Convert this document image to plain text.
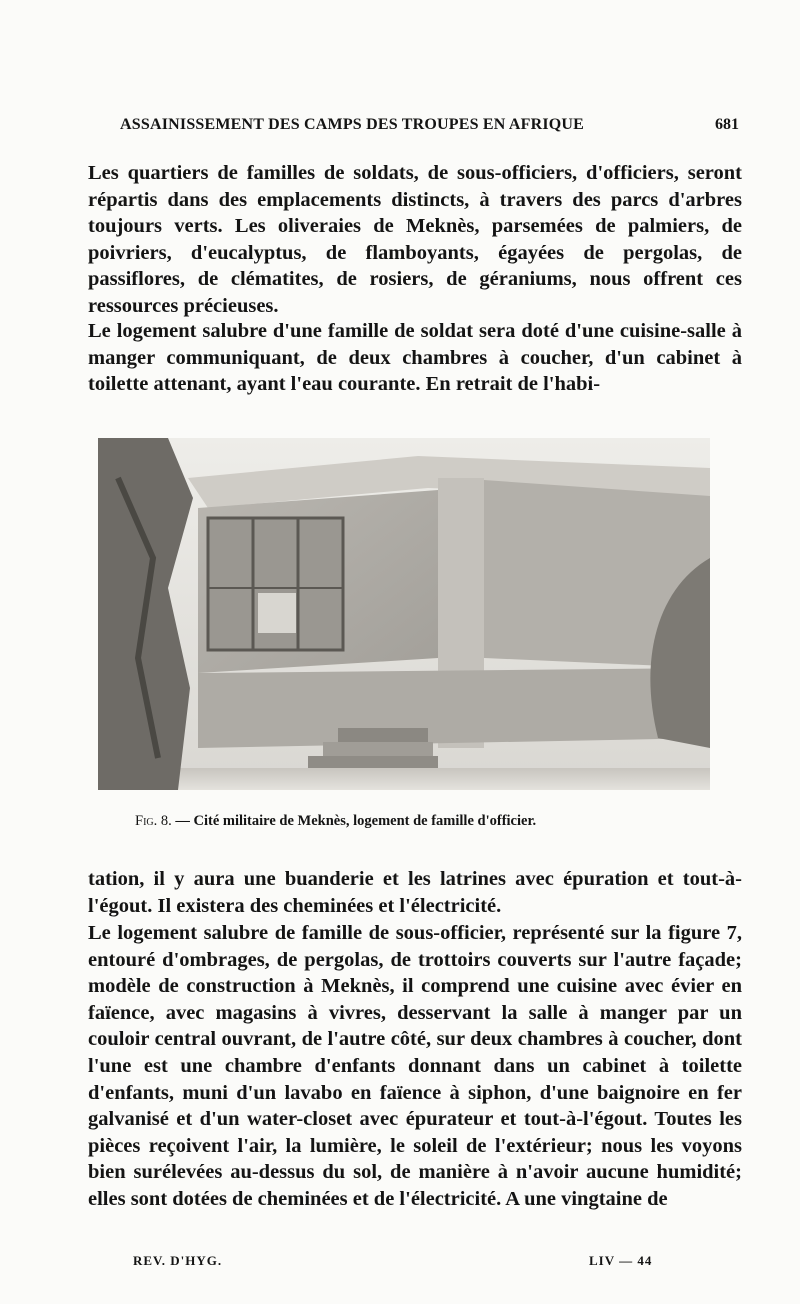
ASSAINISSEMENT DES CAMPS DES TROUPES EN AFRIQUE	681

Les quartiers de familles de soldats, de sous-officiers, d'officiers, seront répartis dans des emplacements distincts, à travers des parcs d'arbres toujours verts. Les oliveraies de Meknès, parsemées de palmiers, de poivriers, d'eucalyptus, de flamboyants, égayées de pergolas, de passiflores, de clématites, de rosiers, de géraniums, nous offrent ces ressources précieuses.

Le logement salubre d'une famille de soldat sera doté d'une cuisine-salle à manger communiquant, de deux chambres à coucher, d'un cabinet à toilette attenant, ayant l'eau courante. En retrait de l'habi-

Fig. 8. — Cité militaire de Meknès, logement de famille d'officier.

tation, il y aura une buanderie et les latrines avec épuration et tout-à-l'égout. Il existera des cheminées et l'électricité.

Le logement salubre de famille de sous-officier, représenté sur la figure 7, entouré d'ombrages, de pergolas, de trottoirs couverts sur l'autre façade; modèle de construction à Meknès, il comprend une cuisine avec évier en faïence, avec magasins à vivres, desservant la salle à manger par un couloir central ouvrant, de l'autre côté, sur deux chambres à coucher, dont l'une est une chambre d'enfants donnant dans un cabinet à toilette d'enfants, muni d'un lavabo en faïence à siphon, d'une baignoire en fer galvanisé et d'un water-closet avec épurateur et tout-à-l'égout. Toutes les pièces reçoivent l'air, la lumière, le soleil de l'extérieur; nous les voyons bien surélevées au-dessus du sol, de manière à n'avoir aucune humidité; elles sont dotées de cheminées et de l'électricité. A une vingtaine de

REV. D'HYG.	LIV — 44
